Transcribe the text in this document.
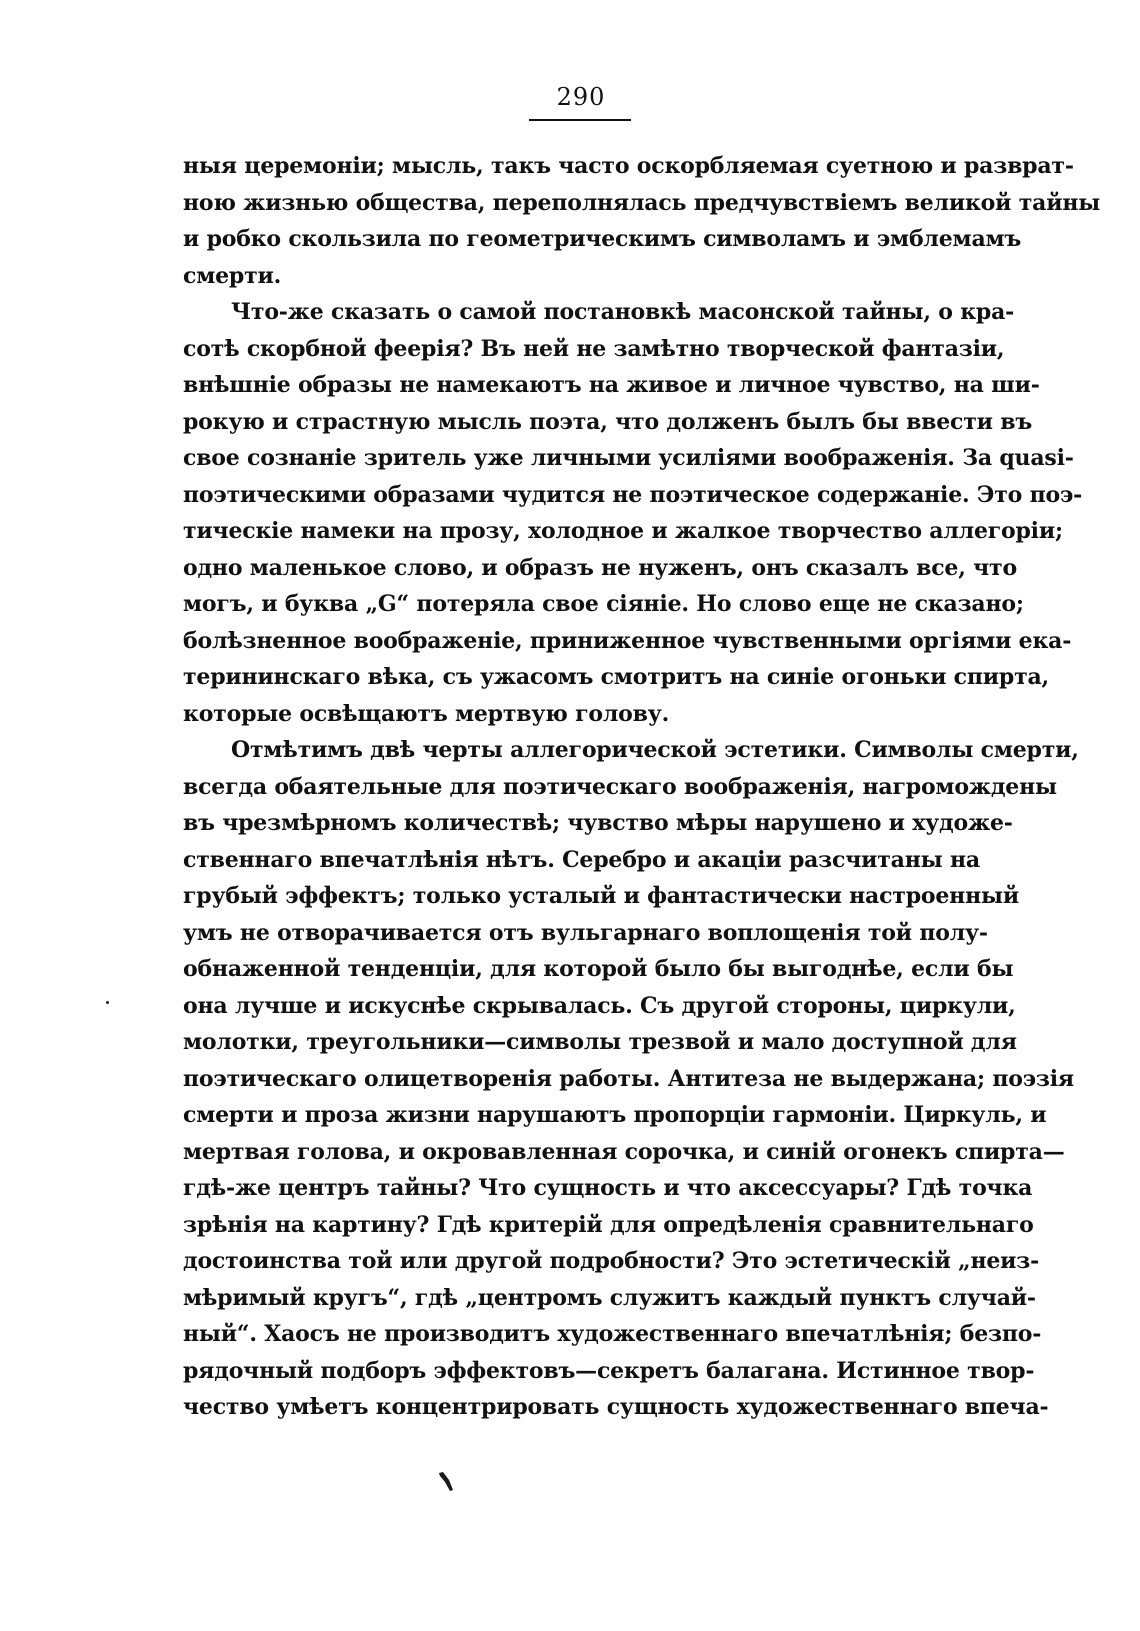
290

ныя церемоніи; мысль, такъ часто оскорбляемая суетною и разврат-
ною жизнью общества, переполнялась предчувствіемъ великой тайны
и робко скользила по геометрическимъ символамъ и эмблемамъ
смерти.

Что-же сказать о самой постановкѣ масонской тайны, о кра-
сотѣ скорбной феерія? Въ ней не замѣтно творческой фантазіи,
внѣшніе образы не намекаютъ на живое и личное чувство, на ши-
рокую и страстную мысль поэта, что долженъ былъ бы ввести въ
свое сознаніе зритель уже личными усиліями воображенія. За quasi-
поэтическими образами чудится не поэтическое содержаніе. Это поэ-
тическіе намеки на прозу, холодное и жалкое творчество аллегоріи;
одно маленькое слово, и образъ не нуженъ, онъ сказалъ все, что
могъ, и буква „G“ потеряла свое сіяніе. Но слово еще не сказано;
болѣзненное воображеніе, приниженное чувственными оргіями ека-
терининскаго вѣка, съ ужасомъ смотритъ на синіе огоньки спирта,
которые освѣщаютъ мертвую голову.

Отмѣтимъ двѣ черты аллегорической эстетики. Символы смерти,
всегда обаятельные для поэтическаго воображенія, нагромождены
въ чрезмѣрномъ количествѣ; чувство мѣры нарушено и художе-
ственнаго впечатлѣнія нѣтъ. Серебро и акаціи разсчитаны на
грубый эффектъ; только усталый и фантастически настроенный
умъ не отворачивается отъ вульгарнаго воплощенія той полу-
обнаженной тенденціи, для которой было бы выгоднѣе, если бы
она лучше и искуснѣе скрывалась. Съ другой стороны, циркули,
молотки, треугольники—символы трезвой и мало доступной для
поэтическаго олицетворенія работы. Антитеза не выдержана; поэзія
смерти и проза жизни нарушаютъ пропорціи гармоніи. Циркуль, и
мертвая голова, и окровавленная сорочка, и синій огонекъ спирта—
гдѣ-же центръ тайны? Что сущность и что аксессуары? Гдѣ точка
зрѣнія на картину? Гдѣ критерій для опредѣленія сравнительнаго
достоинства той или другой подробности? Это эстетическій „неиз-
мѣримый кругъ“, гдѣ „центромъ служитъ каждый пунктъ случай-
ный“. Хаосъ не производитъ художественнаго впечатлѣнія; безпо-
рядочный подборъ эффектовъ—секретъ балагана. Истинное твор-
чество умѣетъ концентрировать сущность художественнаго впеча-
